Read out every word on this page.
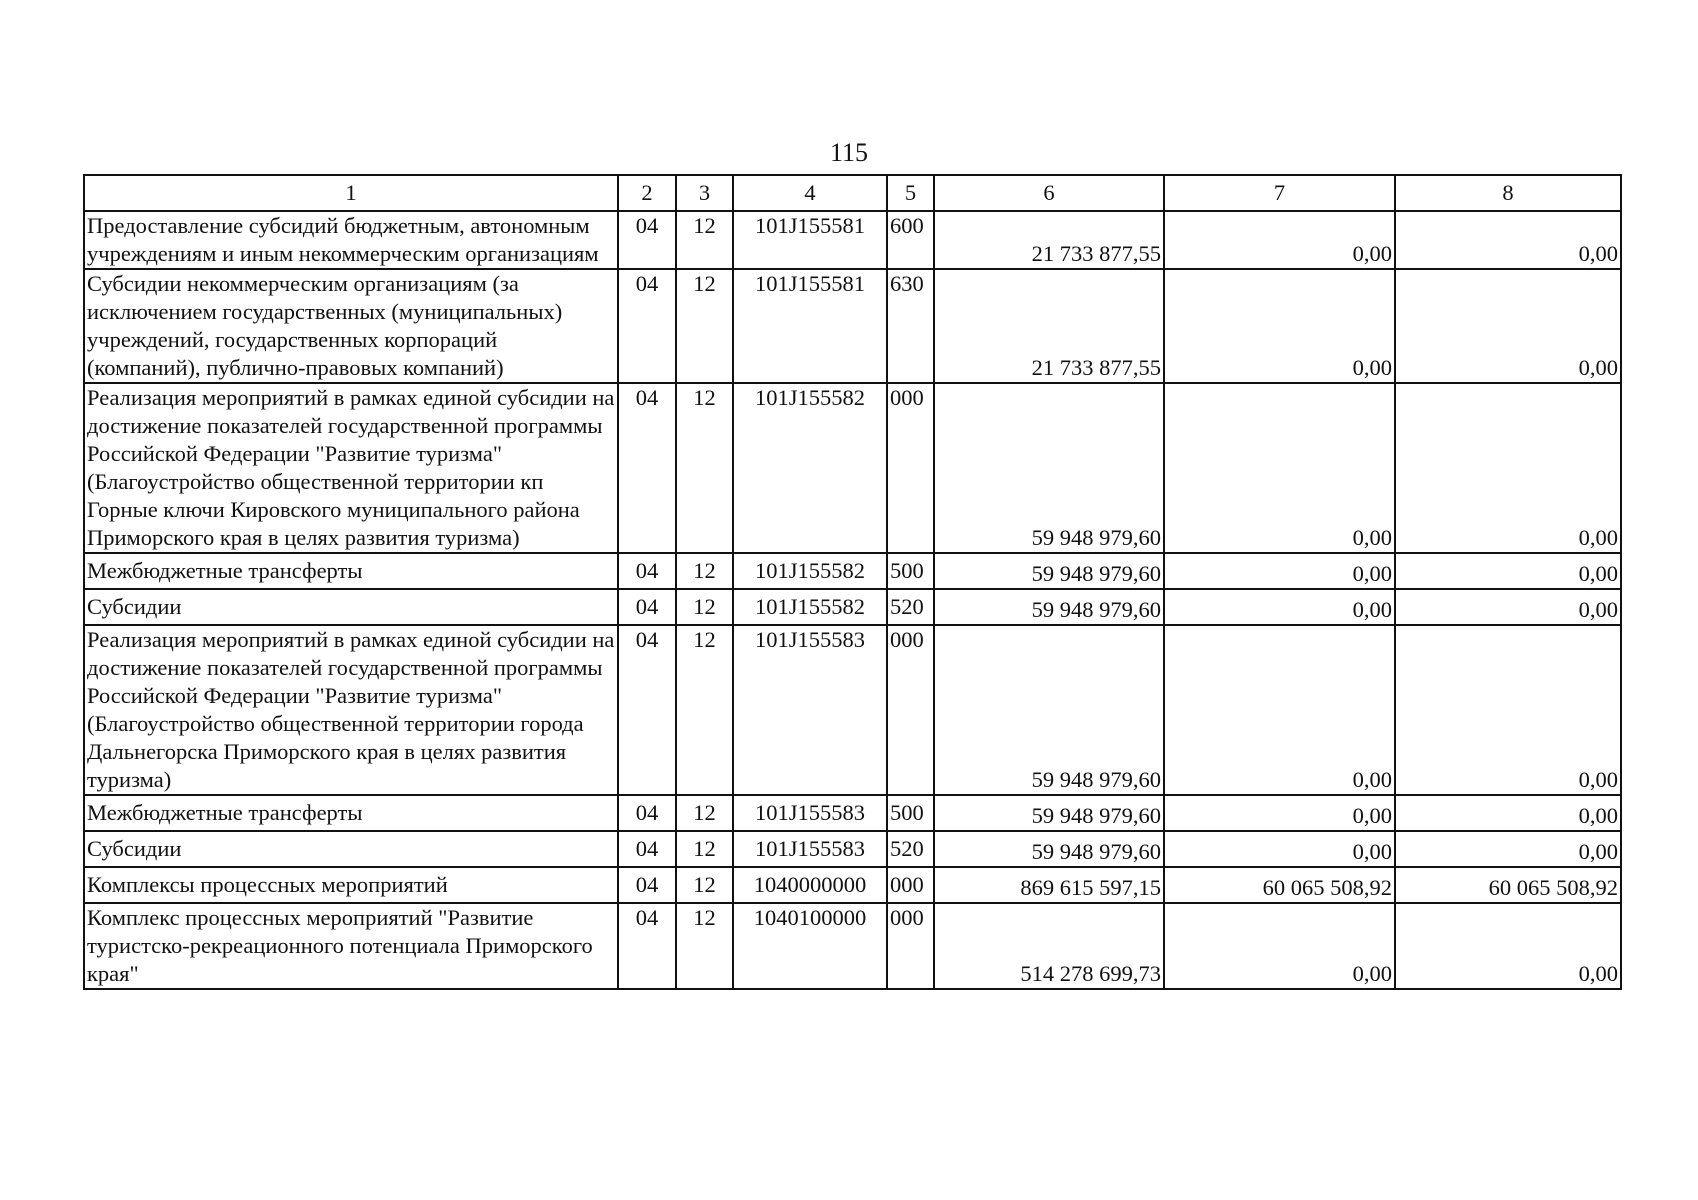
115
1	2	3	4	5	6	7	8
Предоставление субсидий бюджетным, автономным учреждениям и иным некоммерческим организациям	04	12	101J155581	600	21 733 877,55	0,00	0,00
Субсидии некоммерческим организациям (за исключением государственных (муниципальных) учреждений, государственных корпораций (компаний), публично-правовых компаний)	04	12	101J155581	630	21 733 877,55	0,00	0,00
Реализация мероприятий в рамках единой субсидии на достижение показателей государственной программы Российской Федерации "Развитие туризма" (Благоустройство общественной территории кп Горные ключи Кировского муниципального района Приморского края в целях развития туризма)	04	12	101J155582	000	59 948 979,60	0,00	0,00
Межбюджетные трансферты	04	12	101J155582	500	59 948 979,60	0,00	0,00
Субсидии	04	12	101J155582	520	59 948 979,60	0,00	0,00
Реализация мероприятий в рамках единой субсидии на достижение показателей государственной программы Российской Федерации "Развитие туризма" (Благоустройство общественной территории города Дальнегорска Приморского края в целях развития туризма)	04	12	101J155583	000	59 948 979,60	0,00	0,00
Межбюджетные трансферты	04	12	101J155583	500	59 948 979,60	0,00	0,00
Субсидии	04	12	101J155583	520	59 948 979,60	0,00	0,00
Комплексы процессных мероприятий	04	12	1040000000	000	869 615 597,15	60 065 508,92	60 065 508,92
Комплекс процессных мероприятий "Развитие туристско-рекреационного потенциала Приморского края"	04	12	1040100000	000	514 278 699,73	0,00	0,00
